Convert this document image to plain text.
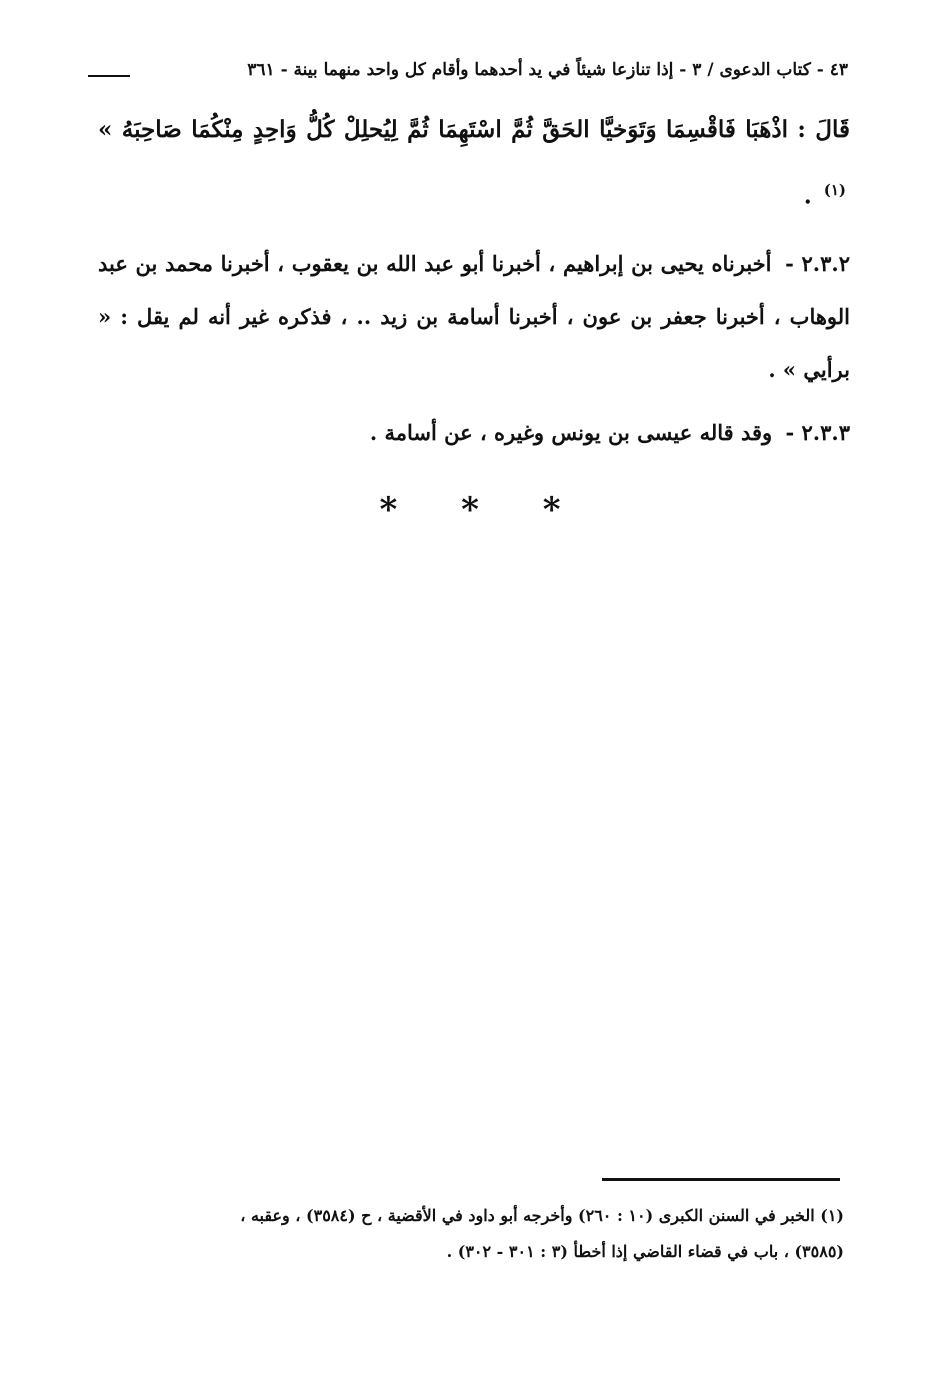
٤٣ - كتاب الدعوى / ٣ - إذا تنازعا شيئاً في يد أحدهما وأقام كل واحد منهما بينة - ٣٦١

قَالَ : اذْهَبَا فَاقْسِمَا وَتَوَخيَّا الحَقَّ ثُمَّ اسْتَهِمَا ثُمَّ لِيُحلِلْ كُلُّ وَاحِدٍ مِنْكُمَا صَاحِبَهُ » $^{(١)}$ .

٢.٣.٢ - أخبرناه يحيى بن إبراهيم ، أخبرنا أبو عبد الله بن يعقوب ، أخبرنا محمد بن عبد الوهاب ، أخبرنا جعفر بن عون ، أخبرنا أسامة بن زيد .. ، فذكره غير أنه لم يقل : « برأيي » .

٢.٣.٣ - وقد قاله عيسى بن يونس وغيره ، عن أسامة .

* * *

(١) الخبر في السنن الكبرى (١٠ : ٢٦٠) وأخرجه أبو داود في الأقضية ، ح (٣٥٨٤) ، وعقبه ،

(٣٥٨٥) ، باب في قضاء القاضي إذا أخطأ (٣ : ٣٠١ - ٣٠٢) .
